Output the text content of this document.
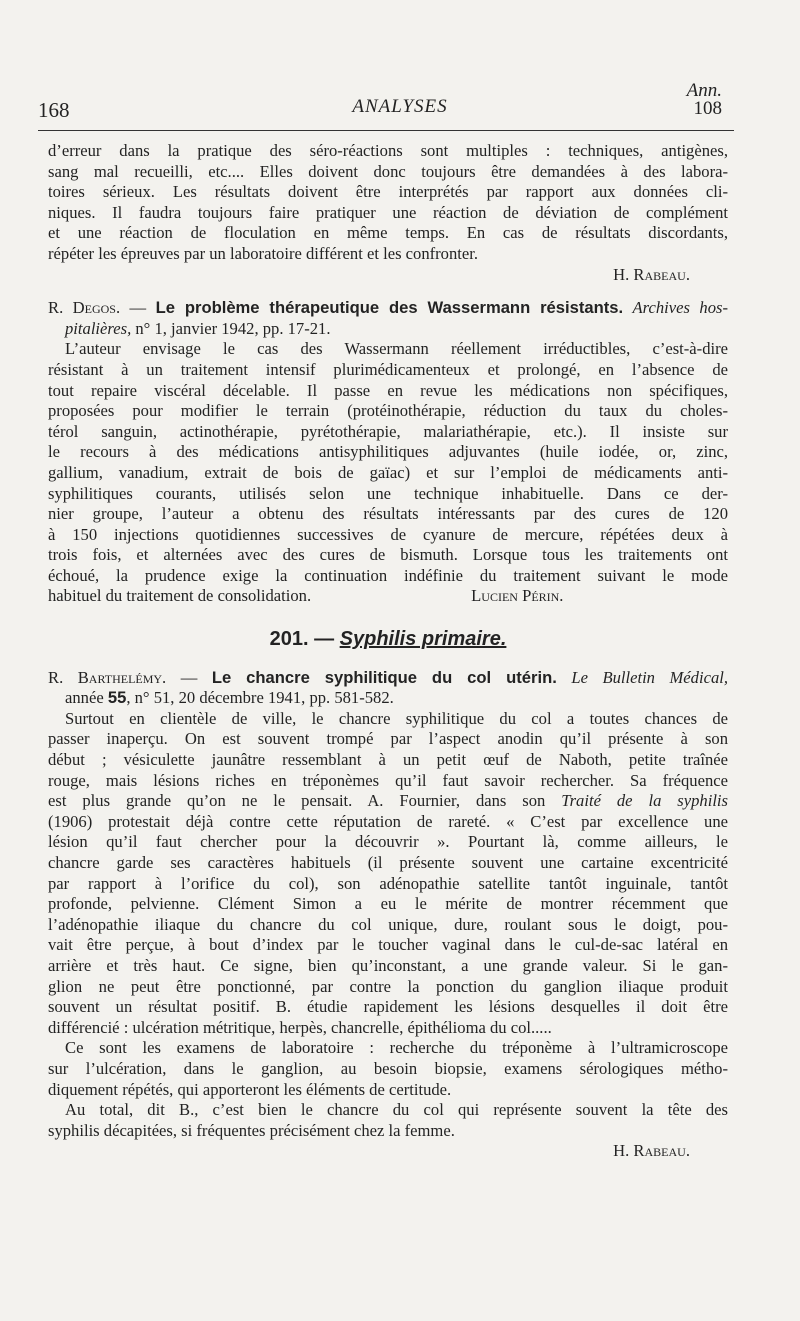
Ann.
168	ANALYSES	108

d’erreur dans la pratique des séro-réactions sont multiples : techniques, antigènes,

sang mal recueilli, etc.... Elles doivent donc toujours être demandées à des labora-

toires sérieux. Les résultats doivent être interprétés par rapport aux données cli-

niques. Il faudra toujours faire pratiquer une réaction de déviation de complément

et une réaction de floculation en même temps. En cas de résultats discordants,

répéter les épreuves par un laboratoire différent et les confronter.

H. Rabeau.

R. Degos. — Le problème thérapeutique des Wassermann résistants. Archives hos-

pitalières, n° 1, janvier 1942, pp. 17-21.

L’auteur envisage le cas des Wassermann réellement irréductibles, c’est-à-dire

résistant à un traitement intensif plurimédicamenteux et prolongé, en l’absence de

tout repaire viscéral décelable. Il passe en revue les médications non spécifiques,

proposées pour modifier le terrain (protéinothérapie, réduction du taux du choles-

térol sanguin, actinothérapie, pyrétothérapie, malariathérapie, etc.). Il insiste sur

le recours à des médications antisyphilitiques adjuvantes (huile iodée, or, zinc,

gallium, vanadium, extrait de bois de gaïac) et sur l’emploi de médicaments anti-

syphilitiques courants, utilisés selon une technique inhabituelle. Dans ce der-

nier groupe, l’auteur a obtenu des résultats intéressants par des cures de 120

à 150 injections quotidiennes successives de cyanure de mercure, répétées deux à

trois fois, et alternées avec des cures de bismuth. Lorsque tous les traitements ont

échoué, la prudence exige la continuation indéfinie du traitement suivant le mode

habituel du traitement de consolidation.	Lucien Périn.

201. — Syphilis primaire.

R. Barthelémy. — Le chancre syphilitique du col utérin. Le Bulletin Médical,

année 55, n° 51, 20 décembre 1941, pp. 581-582.

Surtout en clientèle de ville, le chancre syphilitique du col a toutes chances de

passer inaperçu. On est souvent trompé par l’aspect anodin qu’il présente à son

début ; vésiculette jaunâtre ressemblant à un petit œuf de Naboth, petite traînée

rouge, mais lésions riches en tréponèmes qu’il faut savoir rechercher. Sa fréquence

est plus grande qu’on ne le pensait. A. Fournier, dans son Traité de la syphilis

(1906) protestait déjà contre cette réputation de rareté. « C’est par excellence une

lésion qu’il faut chercher pour la découvrir ». Pourtant là, comme ailleurs, le

chancre garde ses caractères habituels (il présente souvent une cartaine excentricité

par rapport à l’orifice du col), son adénopathie satellite tantôt inguinale, tantôt

profonde, pelvienne. Clément Simon a eu le mérite de montrer récemment que

l’adénopathie iliaque du chancre du col unique, dure, roulant sous le doigt, pou-

vait être perçue, à bout d’index par le toucher vaginal dans le cul-de-sac latéral en

arrière et très haut. Ce signe, bien qu’inconstant, a une grande valeur. Si le gan-

glion ne peut être ponctionné, par contre la ponction du ganglion iliaque produit

souvent un résultat positif. B. étudie rapidement les lésions desquelles il doit être

différencié : ulcération métritique, herpès, chancrelle, épithélioma du col.....

Ce sont les examens de laboratoire : recherche du tréponème à l’ultramicroscope

sur l’ulcération, dans le ganglion, au besoin biopsie, examens sérologiques métho-

diquement répétés, qui apporteront les éléments de certitude.

Au total, dit B., c’est bien le chancre du col qui représente souvent la tête des

syphilis décapitées, si fréquentes précisément chez la femme.

H. Rabeau.
